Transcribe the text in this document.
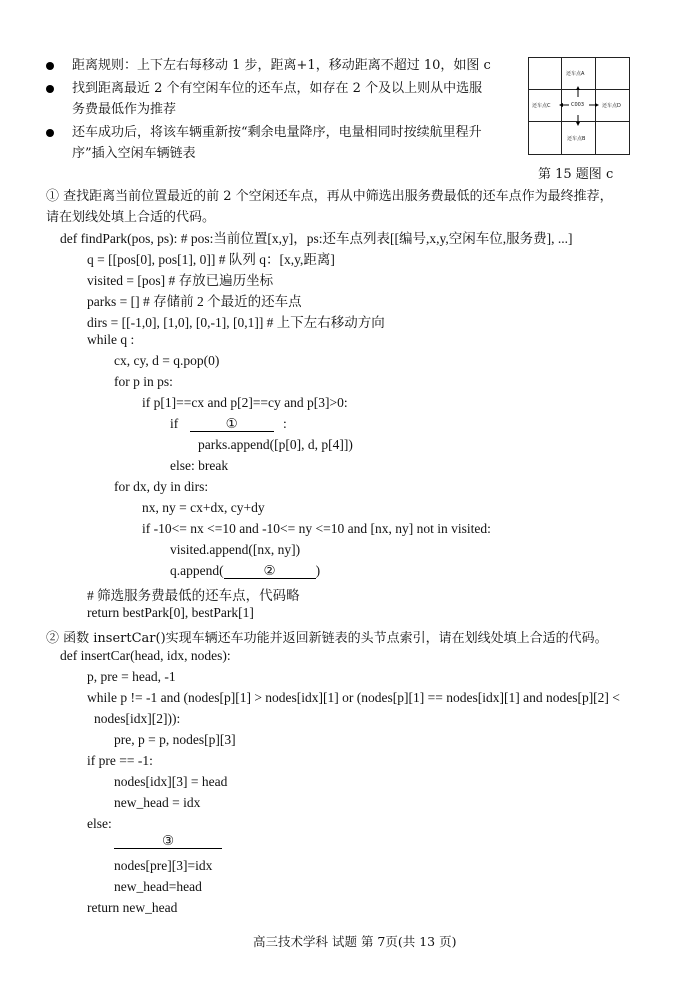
距离规则：上下左右每移动 1 步，距离+1，移动距离不超过 10，如图 c
找到距离最近 2 个有空闲车位的还车点，如存在 2 个及以上则从中选服
务费最低作为推荐
还车成功后，将该车辆重新按“剩余电量降序，电量相同时按续航里程升
序”插入空闲车辆链表
还车点A
还车点C	C003	还车点D
还车点B
第 15 题图 c
① 查找距离当前位置最近的前 2 个空闲还车点，再从中筛选出服务费最低的还车点作为最终推荐，
请在划线处填上合适的代码。
def findPark(pos, ps): # pos:当前位置[x,y]，ps:还车点列表[[编号,x,y,空闲车位,服务费], ...]
q = [[pos[0], pos[1], 0]] # 队列 q：[x,y,距离]
visited = [pos] # 存放已遍历坐标
parks = [] # 存储前 2 个最近的还车点
dirs = [[-1,0], [1,0], [0,-1], [0,1]] # 上下左右移动方向
while q :
cx, cy, d = q.pop(0)
for p in ps:
if p[1]==cx and p[2]==cy and p[3]>0:
if	①	:
parks.append([p[0], d, p[4]])
else: break
for dx, dy in dirs:
nx, ny = cx+dx, cy+dy
if -10<= nx <=10 and -10<= ny <=10 and [nx, ny] not in visited:
visited.append([nx, ny])
q.append(	②	)
# 筛选服务费最低的还车点，代码略
return bestPark[0], bestPark[1]
② 函数 insertCar()实现车辆还车功能并返回新链表的头节点索引，请在划线处填上合适的代码。
def insertCar(head, idx, nodes):
p, pre = head, -1
while p != -1 and (nodes[p][1] > nodes[idx][1] or (nodes[p][1] == nodes[idx][1] and nodes[p][2] <
nodes[idx][2])):
pre, p = p, nodes[p][3]
if pre == -1:
nodes[idx][3] = head
new_head = idx
else:
③
nodes[pre][3]=idx
new_head=head
return new_head
高三技术学科 试题 第 7页(共 13 页)
